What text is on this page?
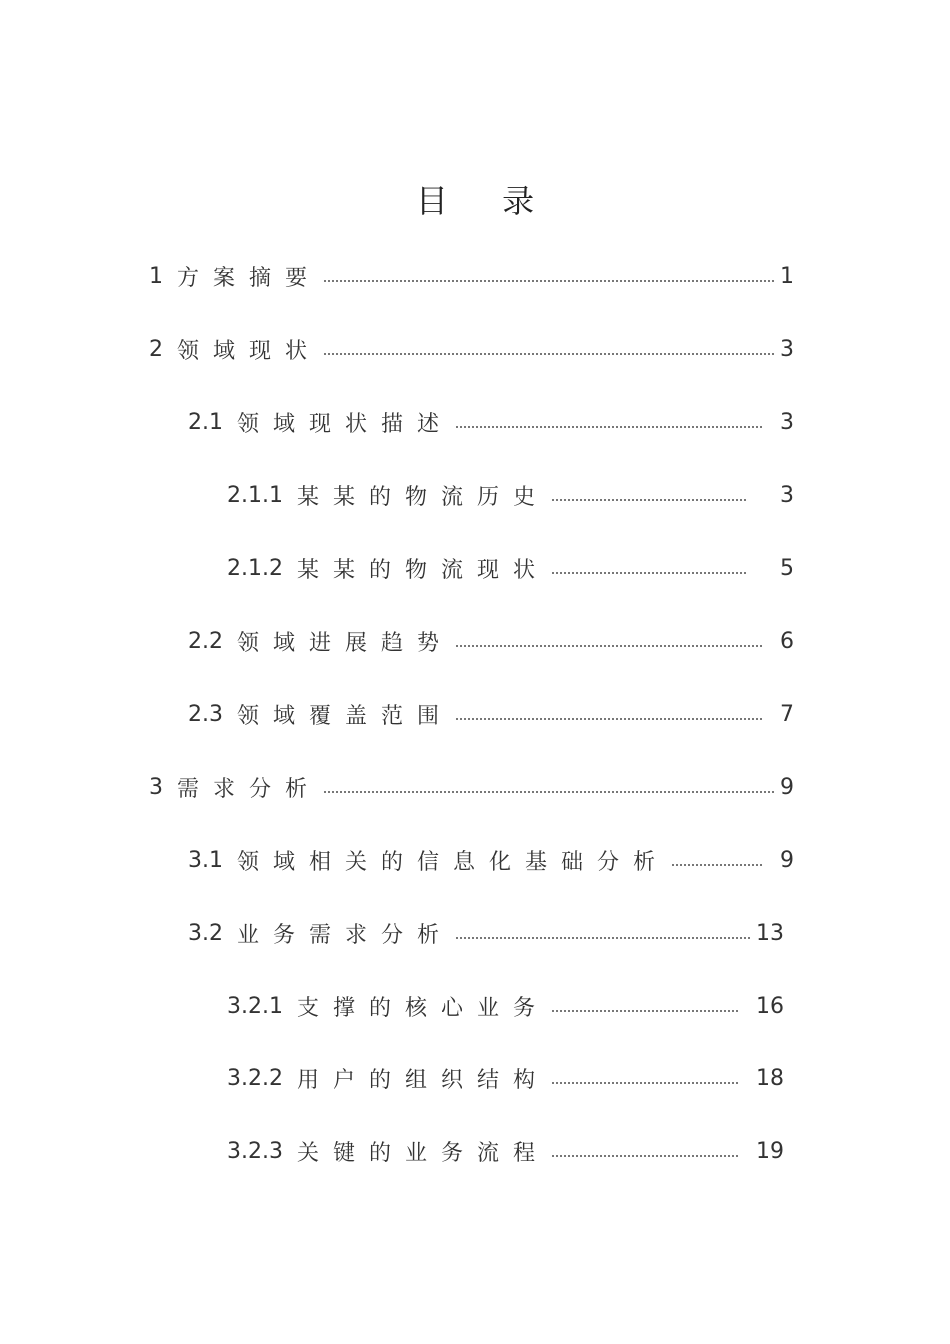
目 录
1 方案摘要	1
2 领域现状	3
2.1 领域现状描述	3
2.1.1 某某的物流历史	3
2.1.2 某某的物流现状	5
2.2 领域进展趋势	6
2.3 领域覆盖范围	7
3 需求分析	9
3.1 领域相关的信息化基础分析	9
3.2 业务需求分析	13
3.2.1 支撑的核心业务	16
3.2.2 用户的组织结构	18
3.2.3 关键的业务流程	19
